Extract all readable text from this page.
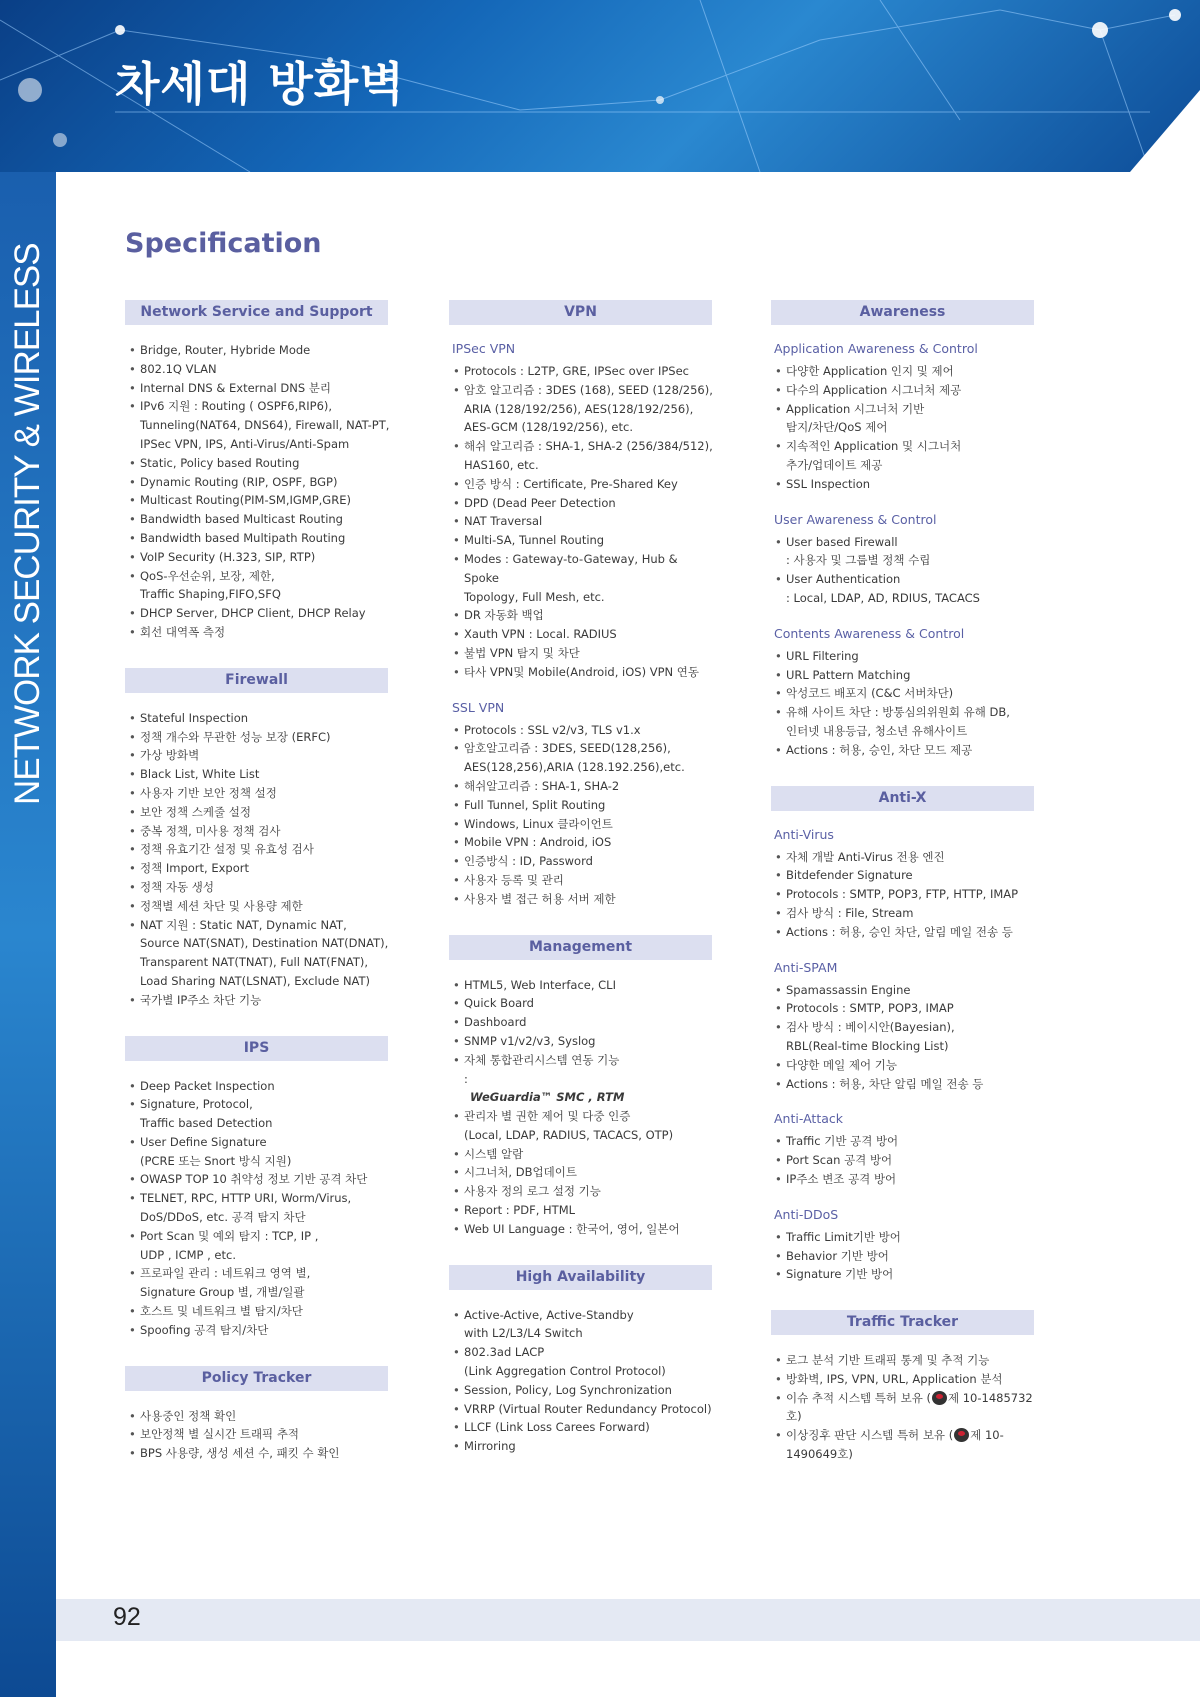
차세대 방화벽
NETWORK SECURITY & WIRELESS	Specification
Network Service and Support
• Bridge, Router, Hybride Mode
• 802.1Q VLAN
• Internal DNS & External DNS 분리
• IPv6 지원 : Routing ( OSPF6,RIP6),
Tunneling(NAT64, DNS64), Firewall, NAT-PT,
IPSec VPN, IPS, Anti-Virus/Anti-Spam
• Static, Policy based Routing
• Dynamic Routing (RIP, OSPF, BGP)
• Multicast Routing(PIM-SM,IGMP,GRE)
• Bandwidth based Multicast Routing
• Bandwidth based Multipath Routing
• VoIP Security (H.323, SIP, RTP)
• QoS-우선순위, 보장, 제한,
Traffic Shaping,FIFO,SFQ
• DHCP Server, DHCP Client, DHCP Relay
• 회선 대역폭 측정
Firewall
• Stateful Inspection
• 정책 개수와 무관한 성능 보장 (ERFC)
• 가상 방화벽
• Black List, White List
• 사용자 기반 보안 정책 설정
• 보안 정책 스케줄 설정
• 중복 정책, 미사용 정책 검사
• 정책 유효기간 설정 및 유효성 검사
• 정책 Import, Export
• 정책 자동 생성
• 정책별 세션 차단 및 사용량 제한
• NAT 지원 : Static NAT, Dynamic NAT,
Source NAT(SNAT), Destination NAT(DNAT),
Transparent NAT(TNAT), Full NAT(FNAT),
Load Sharing NAT(LSNAT), Exclude NAT)
• 국가별 IP주소 차단 기능
IPS
• Deep Packet Inspection
• Signature, Protocol,
Traffic based Detection
• User Define Signature
(PCRE 또는 Snort 방식 지원)
• OWASP TOP 10 취약성 정보 기반 공격 차단
• TELNET, RPC, HTTP URI, Worm/Virus,
DoS/DDoS, etc. 공격 탐지 차단
• Port Scan 및 예외 탐지 : TCP, IP ,
UDP , ICMP , etc.
• 프로파일 관리 : 네트워크 영역 별,
Signature Group 별, 개별/일괄
• 호스트 및 네트워크 별 탐지/차단
• Spoofing 공격 탐지/차단
Policy Tracker
• 사용중인 정책 확인
• 보안정책 별 실시간 트래픽 추적
• BPS 사용량, 생성 세션 수, 패킷 수 확인
VPN
IPSec VPN
• Protocols : L2TP, GRE, IPSec over IPSec
• 암호 알고리즘 : 3DES (168), SEED (128/256),
ARIA (128/192/256), AES(128/192/256),
AES-GCM (128/192/256), etc.
• 해쉬 알고리즘 : SHA-1, SHA-2 (256/384/512),
HAS160, etc.
• 인증 방식 : Certificate, Pre-Shared Key
• DPD (Dead Peer Detection
• NAT Traversal
• Multi-SA, Tunnel Routing
• Modes : Gateway-to-Gateway, Hub & Spoke
Topology, Full Mesh, etc.
• DR 자동화 백업
• Xauth VPN : Local. RADIUS
• 불법 VPN 탐지 및 차단
• 타사 VPN및 Mobile(Android, iOS) VPN 연동
SSL VPN
• Protocols : SSL v2/v3, TLS v1.x
• 암호알고리즘 : 3DES, SEED(128,256),
AES(128,256),ARIA (128.192.256),etc.
• 해쉬알고리즘 : SHA-1, SHA-2
• Full Tunnel, Split Routing
• Windows, Linux 클라이언트
• Mobile VPN : Android, iOS
• 인증방식 : ID, Password
• 사용자 등록 및 관리
• 사용자 별 접근 허용 서버 제한
Management
• HTML5, Web Interface, CLI
• Quick Board
• Dashboard
• SNMP v1/v2/v3, Syslog
• 자체 통합관리시스템 연동 기능
:
WeGuardia™ SMC , RTM
• 관리자 별 권한 제어 및 다중 인증
(Local, LDAP, RADIUS, TACACS, OTP)
• 시스템 알람
• 시그너처, DB업데이트
• 사용자 정의 로그 설정 기능
• Report : PDF, HTML
• Web UI Language : 한국어, 영어, 일본어
High Availability
• Active-Active, Active-Standby
with L2/L3/L4 Switch
• 802.3ad LACP
(Link Aggregation Control Protocol)
• Session, Policy, Log Synchronization
• VRRP (Virtual Router Redundancy Protocol)
• LLCF (Link Loss Carees Forward)
• Mirroring
Awareness
Application Awareness & Control
• 다양한 Application 인지 및 제어
• 다수의 Application 시그너처 제공
• Application 시그너처 기반
탐지/차단/QoS 제어
• 지속적인 Application 및 시그너처
추가/업데이트 제공
• SSL Inspection
User Awareness & Control
• User based Firewall
: 사용자 및 그룹별 정책 수립
• User Authentication
: Local, LDAP, AD, RDIUS, TACACS
Contents Awareness & Control
• URL Filtering
• URL Pattern Matching
• 악성코드 배포지 (C&C 서버차단)
• 유해 사이트 차단 : 방통심의위원회 유해 DB,
인터넷 내용등급, 청소년 유해사이트
• Actions : 허용, 승인, 차단 모드 제공
Anti-X
Anti-Virus
• 자체 개발 Anti-Virus 전용 엔진
• Bitdefender Signature
• Protocols : SMTP, POP3, FTP, HTTP, IMAP
• 검사 방식 : File, Stream
• Actions : 허용, 승인 차단, 알림 메일 전송 등
Anti-SPAM
• Spamassassin Engine
• Protocols : SMTP, POP3, IMAP
• 검사 방식 : 베이시안(Bayesian),
RBL(Real-time Blocking List)
• 다양한 메일 제어 기능
• Actions : 허용, 차단 알림 메일 전송 등
Anti-Attack
• Traffic 기반 공격 방어
• Port Scan 공격 방어
• IP주소 변조 공격 방어
Anti-DDoS
• Traffic Limit기반 방어
• Behavior 기반 방어
• Signature 기반 방어
Traffic Tracker
• 로그 분석 기반 트래픽 통계 및 추적 기능
• 방화벽, IPS, VPN, URL, Application 분석
• 이슈 추적 시스템 특허 보유 ( 제 10-1485732호)
• 이상징후 판단 시스템 특허 보유 ( 제 10-1490649호)
92
